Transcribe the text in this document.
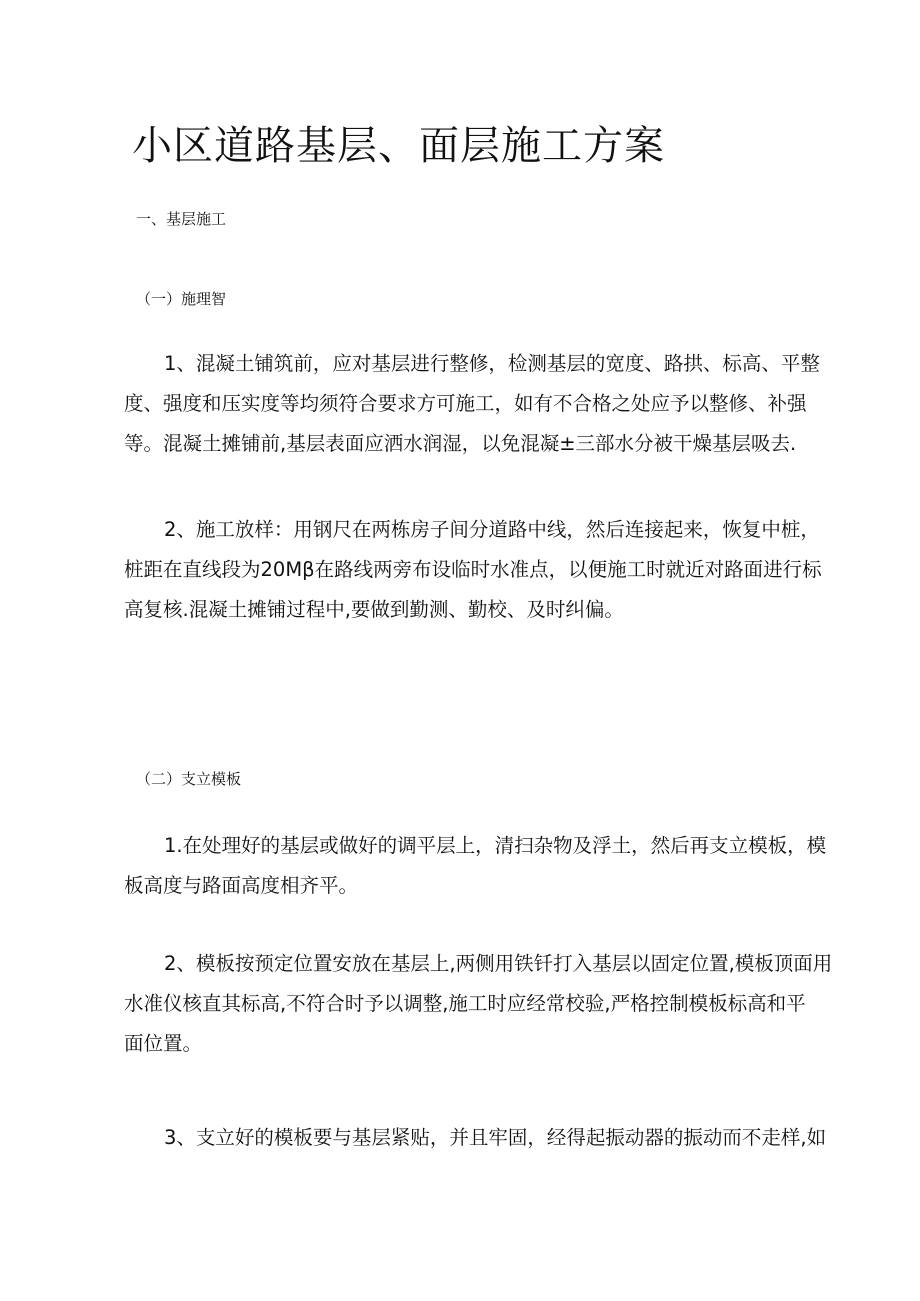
小区道路基层、面层施工方案
一、基层施工
（一）施理智
1、混凝土铺筑前，应对基层进行整修，检测基层的宽度、路拱、标高、平整
度、强度和压实度等均须符合要求方可施工，如有不合格之处应予以整修、补强
等。混凝土摊铺前,基层表面应洒水润湿，以免混凝±三部水分被干燥基层吸去.
2、施工放样：用钢尺在两栋房子间分道路中线，然后连接起来，恢复中桩，
桩距在直线段为20Mβ在路线两旁布设临时水准点，以便施工时就近对路面进行标
高复核.混凝土摊铺过程中,要做到勤测、勤校、及时纠偏。
（二）支立模板
1.在处理好的基层或做好的调平层上，清扫杂物及浮土，然后再支立模板，模
板高度与路面高度相齐平。
2、模板按预定位置安放在基层上,两侧用铁钎打入基层以固定位置,模板顶面用
水准仪核直其标高,不符合时予以调整,施工时应经常校验,严格控制模板标高和平
面位置。
3、支立好的模板要与基层紧贴，并且牢固，经得起振动器的振动而不走样,如
